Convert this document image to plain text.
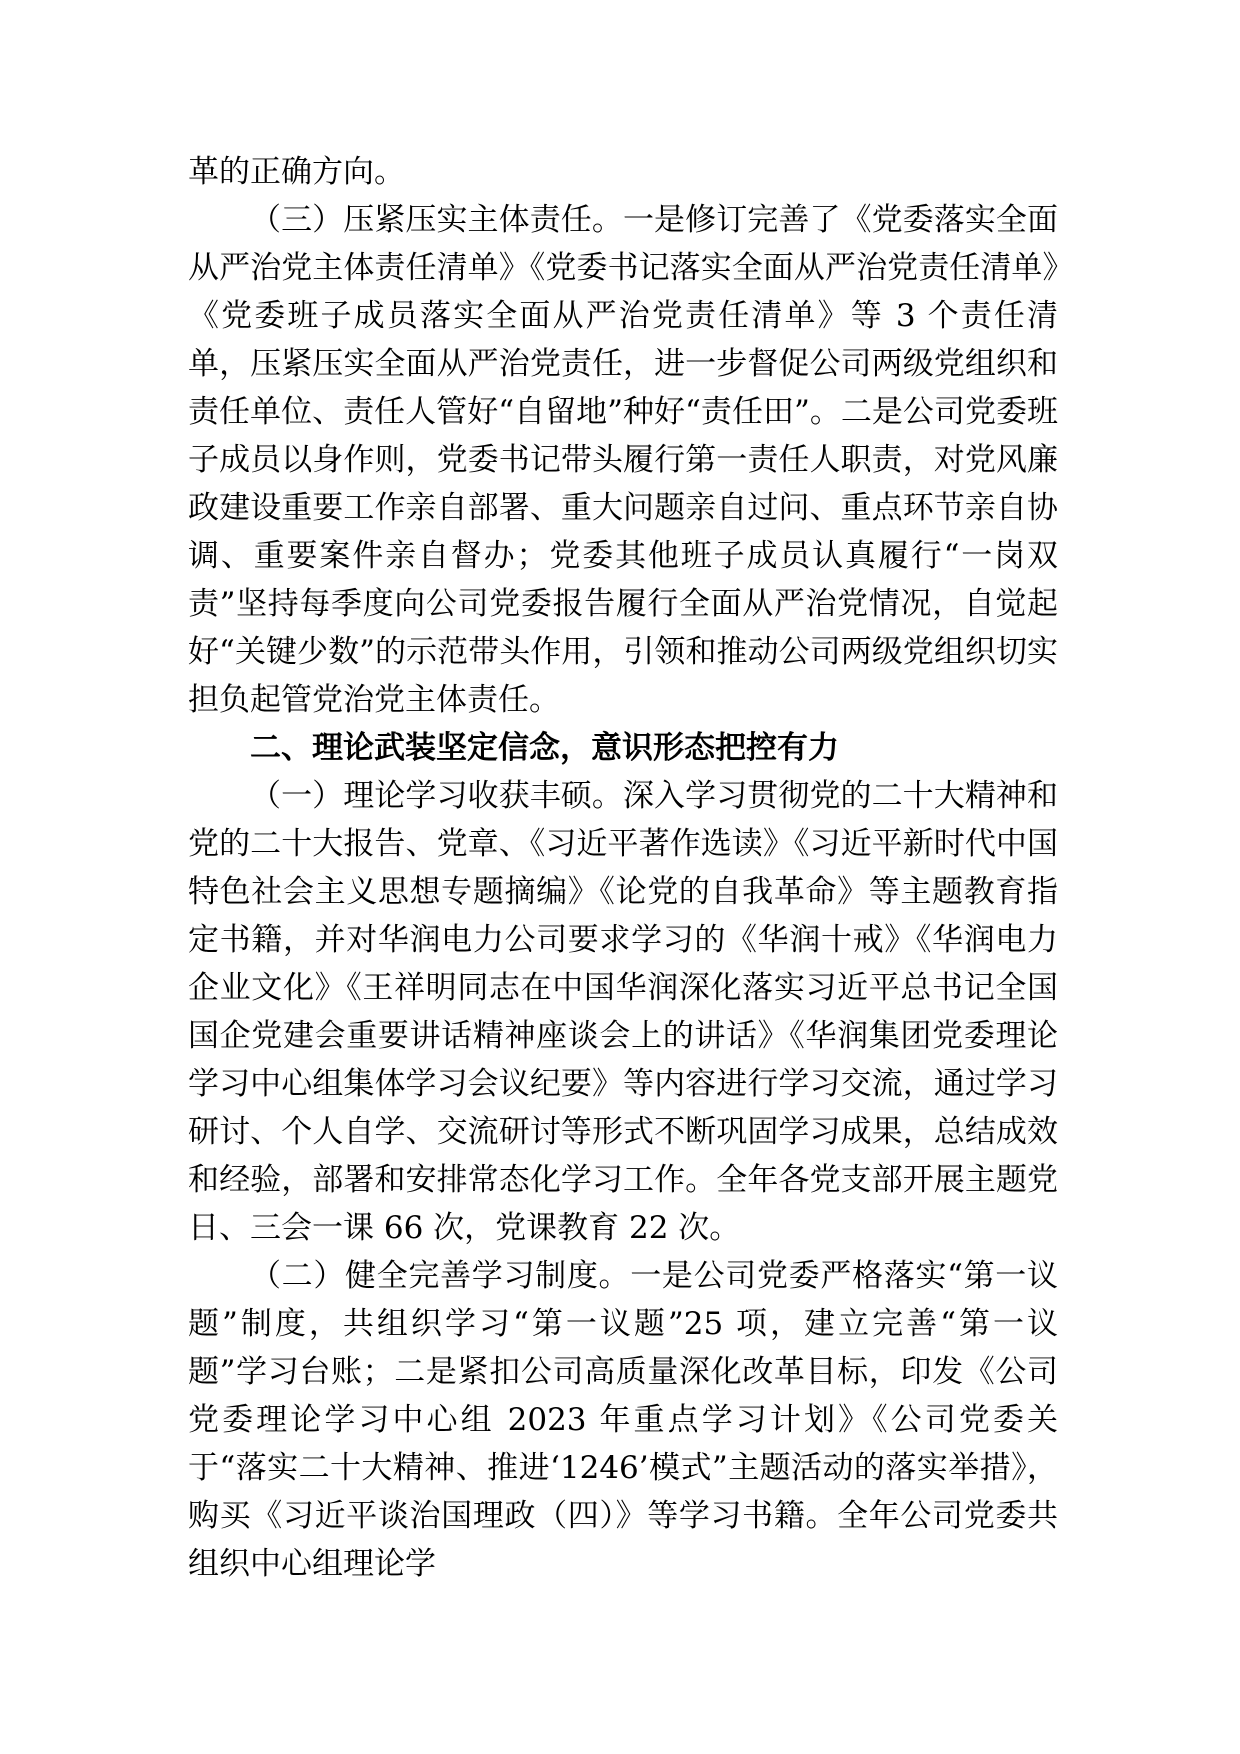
革的正确方向。

（三）压紧压实主体责任。一是修订完善了《党委落实全面从严治党主体责任清单》《党委书记落实全面从严治党责任清单》《党委班子成员落实全面从严治党责任清单》等 3 个责任清单，压紧压实全面从严治党责任，进一步督促公司两级党组织和责任单位、责任人管好“自留地”种好“责任田”。二是公司党委班子成员以身作则，党委书记带头履行第一责任人职责，对党风廉政建设重要工作亲自部署、重大问题亲自过问、重点环节亲自协调、重要案件亲自督办；党委其他班子成员认真履行“一岗双责”坚持每季度向公司党委报告履行全面从严治党情况，自觉起好“关键少数”的示范带头作用，引领和推动公司两级党组织切实担负起管党治党主体责任。

二、理论武装坚定信念，意识形态把控有力

（一）理论学习收获丰硕。深入学习贯彻党的二十大精神和党的二十大报告、党章、《习近平著作选读》《习近平新时代中国特色社会主义思想专题摘编》《论党的自我革命》等主题教育指定书籍，并对华润电力公司要求学习的《华润十戒》《华润电力企业文化》《王祥明同志在中国华润深化落实习近平总书记全国国企党建会重要讲话精神座谈会上的讲话》《华润集团党委理论学习中心组集体学习会议纪要》等内容进行学习交流，通过学习研讨、个人自学、交流研讨等形式不断巩固学习成果，总结成效和经验，部署和安排常态化学习工作。全年各党支部开展主题党日、三会一课 66 次，党课教育 22 次。

（二）健全完善学习制度。一是公司党委严格落实“第一议题”制度，共组织学习“第一议题”25 项，建立完善“第一议题”学习台账；二是紧扣公司高质量深化改革目标，印发《公司党委理论学习中心组 2023 年重点学习计划》《公司党委关于“落实二十大精神、推进‘1246’模式”主题活动的落实举措》，购买《习近平谈治国理政（四）》等学习书籍。全年公司党委共组织中心组理论学
